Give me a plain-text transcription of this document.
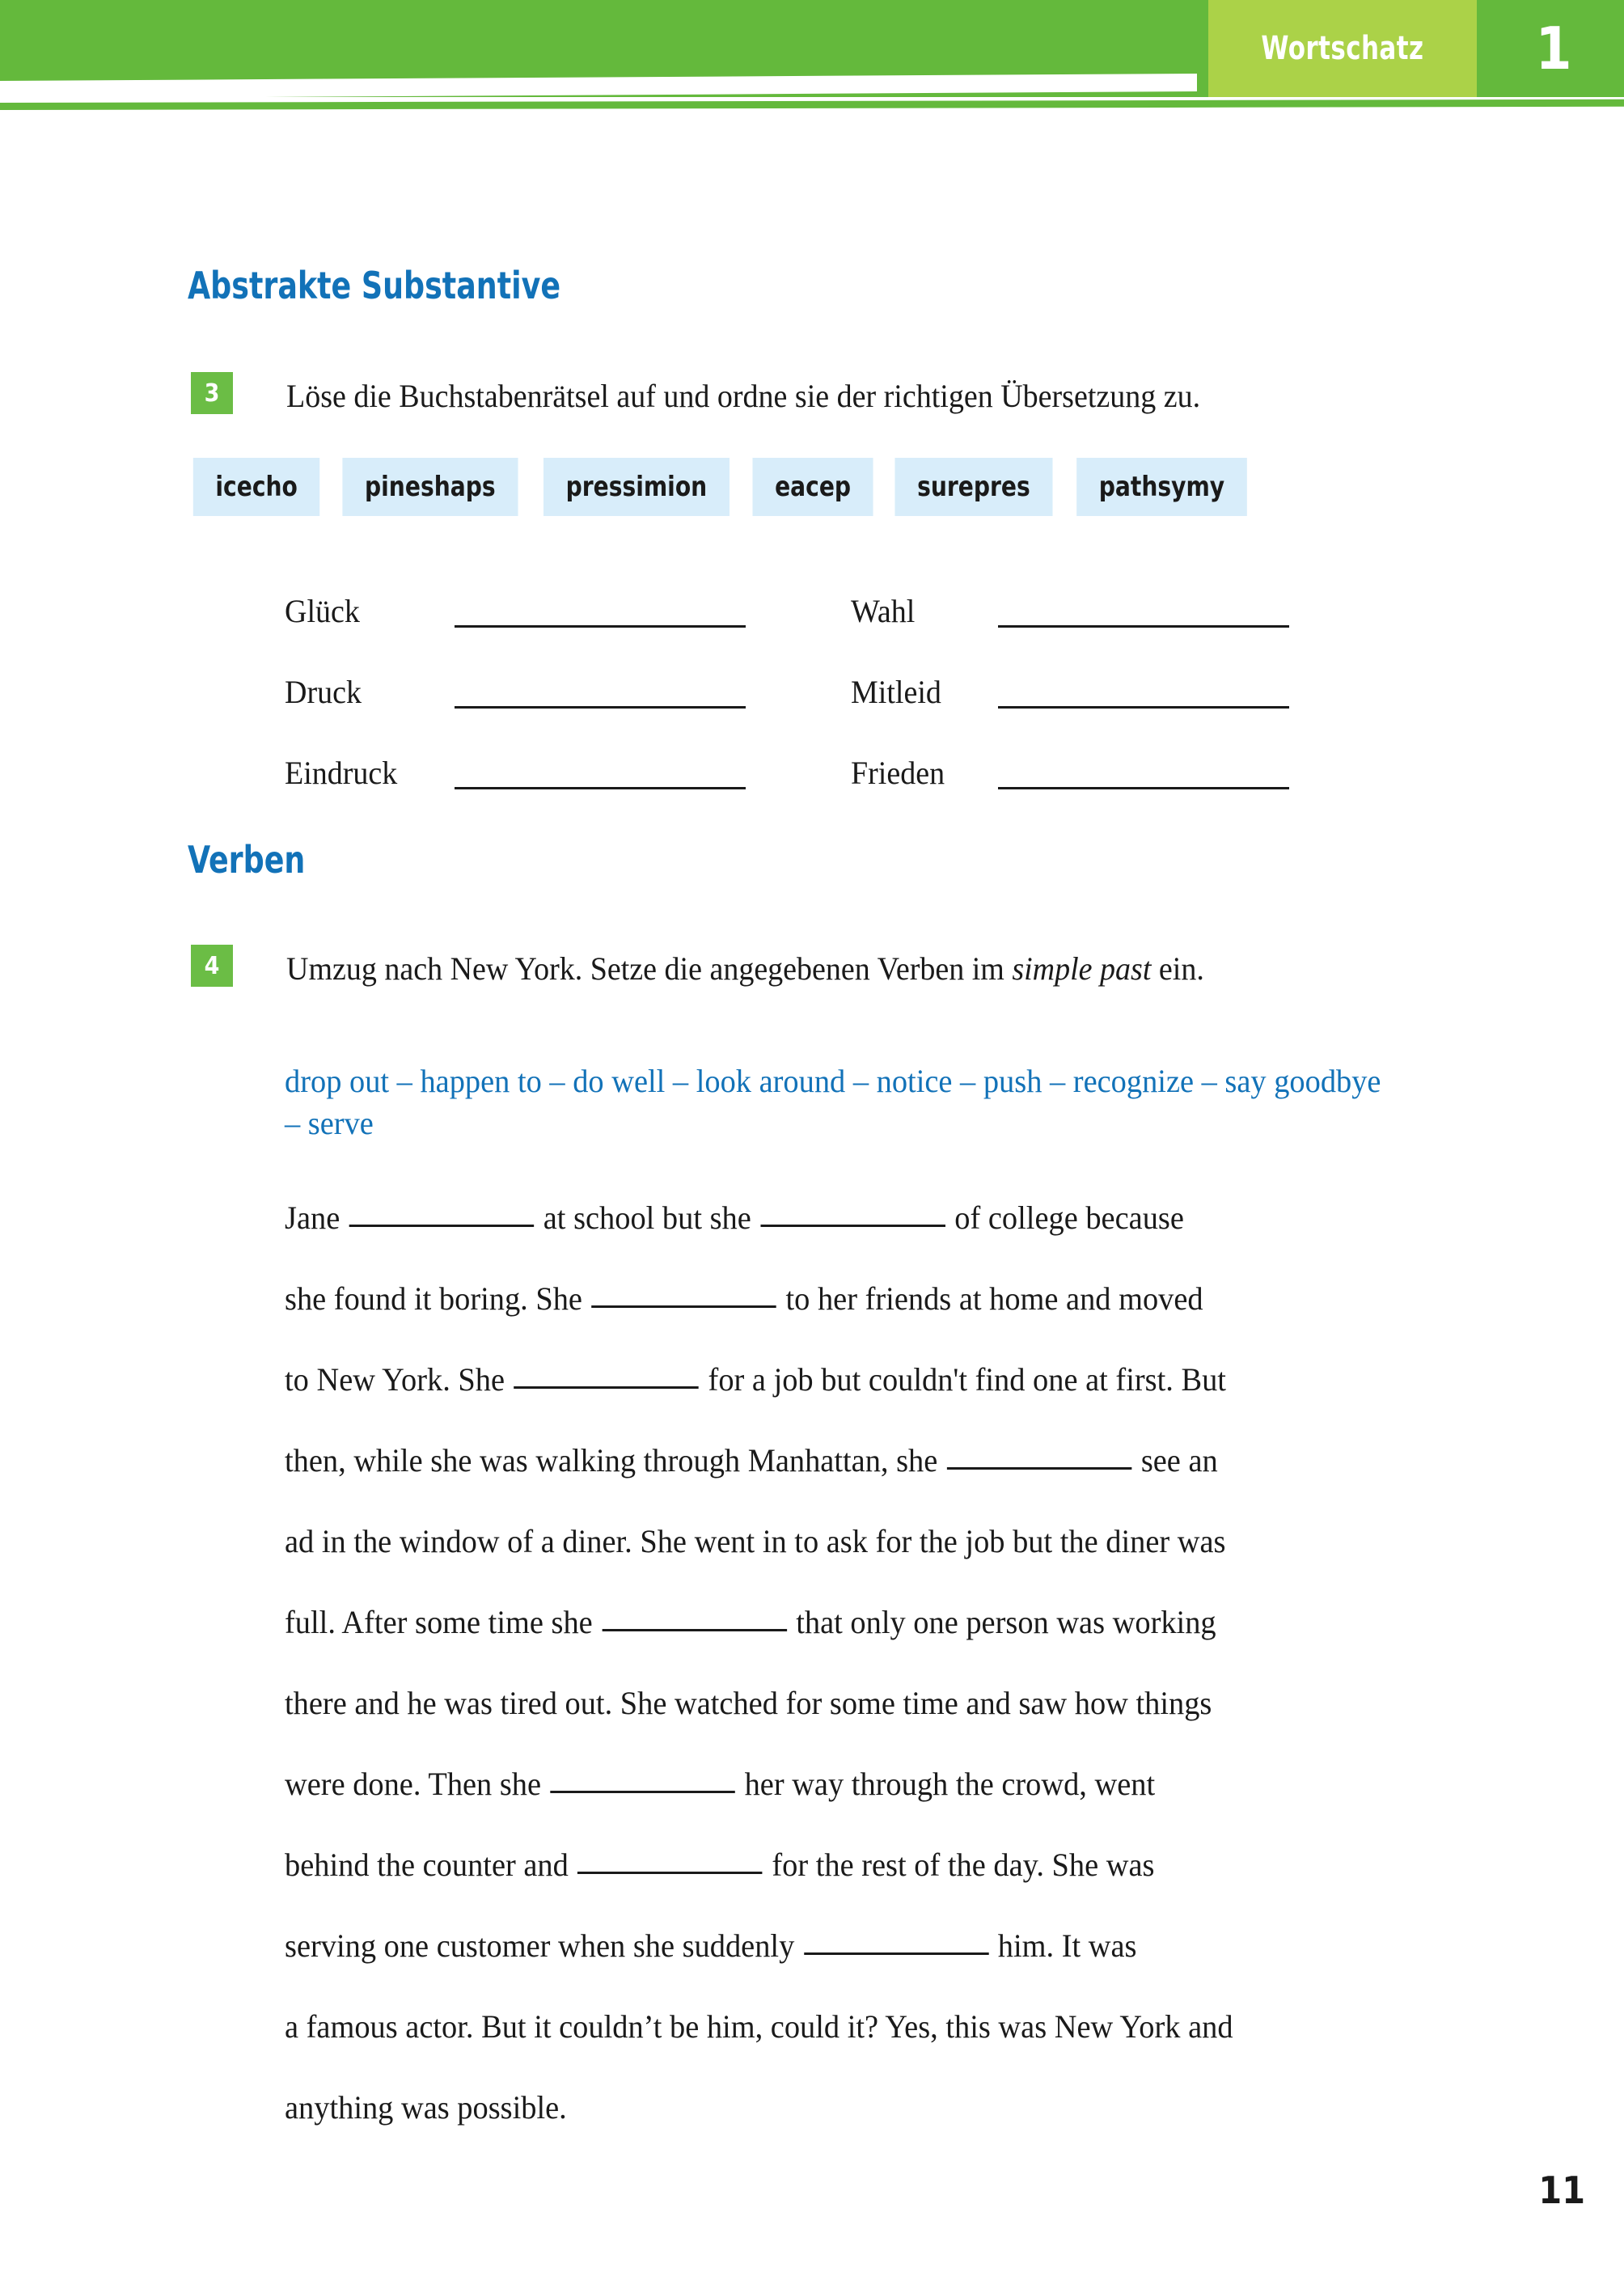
Wortschatz 1
Abstrakte Substantive
3	Löse die Buchstabenrätsel auf und ordne sie der richtigen Übersetzung zu.
icecho	pineshaps	pressimion	eacep	surepres	pathsymy
Glück	Wahl
Druck	Mitleid
Eindruck	Frieden
Verben
4	Umzug nach New York. Setze die angegebenen Verben im simple past ein.
drop out – happen to – do well – look around – notice – push – recognize – say goodbye – serve
Jane	at school but she	of college because
she found it boring. She	to her friends at home and moved
to New York. She	for a job but couldn't find one at first. But
then, while she was walking through Manhattan, she	see an
ad in the window of a diner. She went in to ask for the job but the diner was
full. After some time she	that only one person was working
there and he was tired out. She watched for some time and saw how things
were done. Then she	her way through the crowd, went
behind the counter and	for the rest of the day. She was
serving one customer when she suddenly	him. It was
a famous actor. But it couldn’t be him, could it? Yes, this was New York and
anything was possible.
11
